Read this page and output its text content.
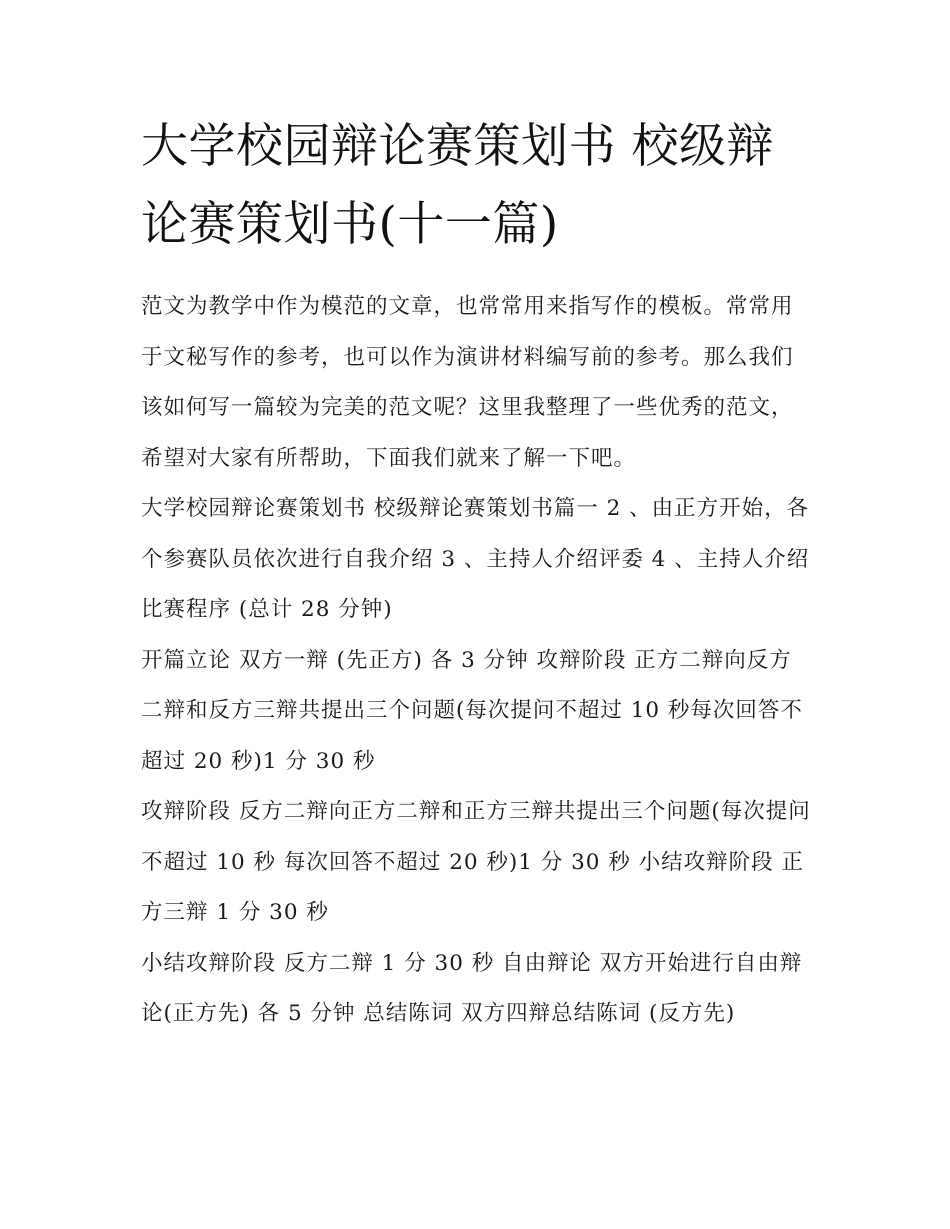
大学校园辩论赛策划书 校级辩论赛策划书(十一篇)

范文为教学中作为模范的文章，也常常用来指写作的模板。常常用于文秘写作的参考，也可以作为演讲材料编写前的参考。那么我们该如何写一篇较为完美的范文呢？这里我整理了一些优秀的范文，希望对大家有所帮助，下面我们就来了解一下吧。

大学校园辩论赛策划书 校级辩论赛策划书篇一 2 、由正方开始，各个参赛队员依次进行自我介绍 3 、主持人介绍评委 4 、主持人介绍比赛程序 (总计 28 分钟)

开篇立论 双方一辩 (先正方) 各 3 分钟 攻辩阶段 正方二辩向反方二辩和反方三辩共提出三个问题(每次提问不超过 10 秒每次回答不超过 20 秒)1 分 30 秒

攻辩阶段 反方二辩向正方二辩和正方三辩共提出三个问题(每次提问不超过 10 秒 每次回答不超过 20 秒)1 分 30 秒 小结攻辩阶段 正方三辩 1 分 30 秒

小结攻辩阶段 反方二辩 1 分 30 秒 自由辩论 双方开始进行自由辩论(正方先) 各 5 分钟 总结陈词 双方四辩总结陈词 (反方先)
